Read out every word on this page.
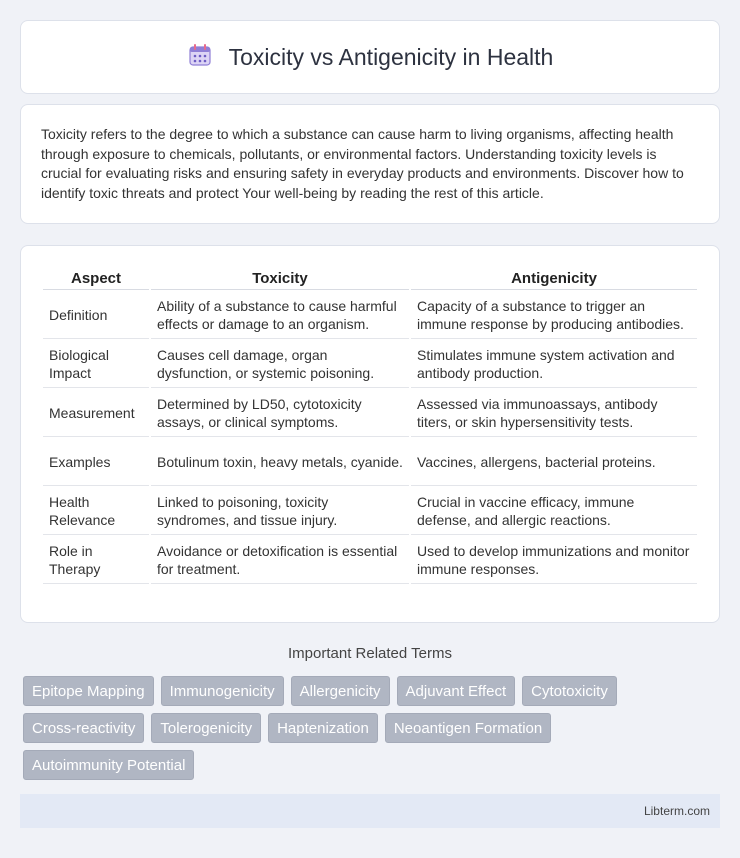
Toxicity vs Antigenicity in Health

Toxicity refers to the degree to which a substance can cause harm to living organisms, affecting health through exposure to chemicals, pollutants, or environmental factors. Understanding toxicity levels is crucial for evaluating risks and ensuring safety in everyday products and environments. Discover how to identify toxic threats and protect Your well-being by reading the rest of this article.

Aspect	Toxicity	Antigenicity
Definition	Ability of a substance to cause harmful effects or damage to an organism.	Capacity of a substance to trigger an immune response by producing antibodies.
Biological Impact	Causes cell damage, organ dysfunction, or systemic poisoning.	Stimulates immune system activation and antibody production.
Measurement	Determined by LD50, cytotoxicity assays, or clinical symptoms.	Assessed via immunoassays, antibody titers, or skin hypersensitivity tests.
Examples	Botulinum toxin, heavy metals, cyanide.	Vaccines, allergens, bacterial proteins.
Health Relevance	Linked to poisoning, toxicity syndromes, and tissue injury.	Crucial in vaccine efficacy, immune defense, and allergic reactions.
Role in Therapy	Avoidance or detoxification is essential for treatment.	Used to develop immunizations and monitor immune responses.
Important Related Terms
Epitope Mapping	Immunogenicity	Allergenicity	Adjuvant Effect	Cytotoxicity
Cross-reactivity	Tolerogenicity	Haptenization	Neoantigen Formation
Autoimmunity Potential
Libterm.com
